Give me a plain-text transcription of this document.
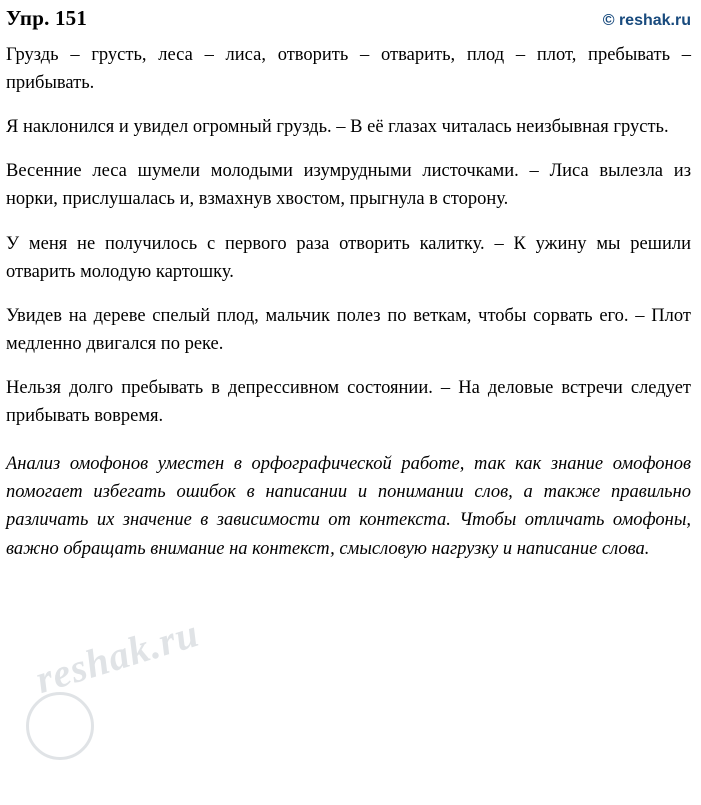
Упр. 151	© reshak.ru

Груздь – грусть, леса – лиса, отворить – отварить, плод – плот, пребывать – прибывать.

Я наклонился и увидел огромный груздь. – В её глазах читалась неизбывная грусть.

Весенние леса шумели молодыми изумрудными листочками. – Лиса вылезла из норки, прислушалась и, взмахнув хвостом, прыгнула в сторону.

У меня не получилось с первого раза отворить калитку. – К ужину мы решили отварить молодую картошку.

Увидев на дереве спелый плод, мальчик полез по веткам, чтобы сорвать его. – Плот медленно двигался по реке.

Нельзя долго пребывать в депрессивном состоянии. – На деловые встречи следует прибывать вовремя.

Анализ омофонов уместен в орфографической работе, так как знание омофонов помогает избегать ошибок в написании и понимании слов, а также правильно различать их значение в зависимости от контекста. Чтобы отличать омофоны, важно обращать внимание на контекст, смысловую нагрузку и написание слова.

reshak.ru
